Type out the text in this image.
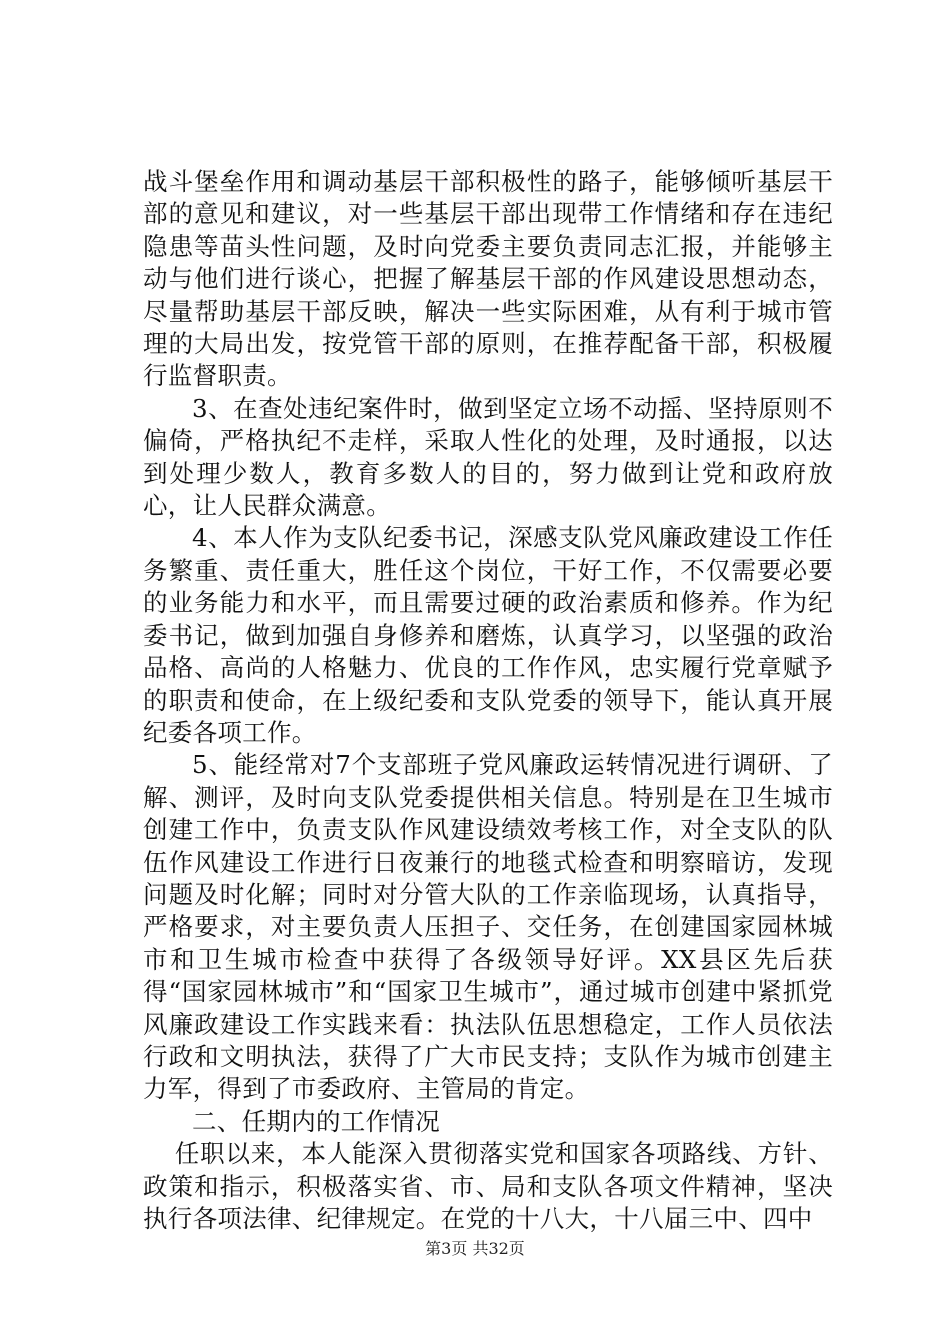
战斗堡垒作用和调动基层干部积极性的路子，能够倾听基层干部的意见和建议，对一些基层干部出现带工作情绪和存在违纪隐患等苗头性问题，及时向党委主要负责同志汇报，并能够主动与他们进行谈心，把握了解基层干部的作风建设思想动态，尽量帮助基层干部反映，解决一些实际困难，从有利于城市管理的大局出发，按党管干部的原则，在推荐配备干部，积极履行监督职责。

3、在查处违纪案件时，做到坚定立场不动摇、坚持原则不偏倚，严格执纪不走样，采取人性化的处理，及时通报，以达到处理少数人，教育多数人的目的，努力做到让党和政府放心，让人民群众满意。

4、本人作为支队纪委书记，深感支队党风廉政建设工作任务繁重、责任重大，胜任这个岗位，干好工作，不仅需要必要的业务能力和水平，而且需要过硬的政治素质和修养。作为纪委书记，做到加强自身修养和磨炼，认真学习，以坚强的政治品格、高尚的人格魅力、优良的工作作风，忠实履行党章赋予的职责和使命，在上级纪委和支队党委的领导下，能认真开展纪委各项工作。

5、能经常对7个支部班子党风廉政运转情况进行调研、了解、测评，及时向支队党委提供相关信息。特别是在卫生城市创建工作中，负责支队作风建设绩效考核工作，对全支队的队伍作风建设工作进行日夜兼行的地毯式检查和明察暗访，发现问题及时化解；同时对分管大队的工作亲临现场，认真指导，严格要求，对主要负责人压担子、交任务，在创建国家园林城市和卫生城市检查中获得了各级领导好评。XX县区先后获得“国家园林城市”和“国家卫生城市”，通过城市创建中紧抓党风廉政建设工作实践来看：执法队伍思想稳定，工作人员依法行政和文明执法，获得了广大市民支持；支队作为城市创建主力军，得到了市委政府、主管局的肯定。

二、任期内的工作情况

任职以来，本人能深入贯彻落实党和国家各项路线、方针、政策和指示，积极落实省、市、局和支队各项文件精神，坚决执行各项法律、纪律规定。在党的十八大，十八届三中、四中

第3页 共32页
